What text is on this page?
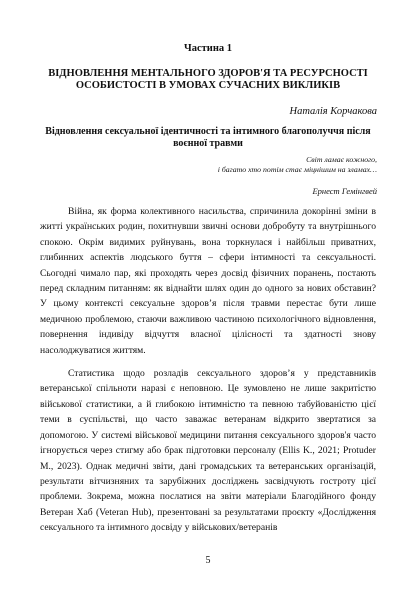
Частина 1
ВІДНОВЛЕННЯ МЕНТАЛЬНОГО ЗДОРОВ'Я ТА РЕСУРСНОСТІ ОСОБИСТОСТІ В УМОВАХ СУЧАСНИХ ВИКЛИКІВ
Наталія Корчакова
Відновлення сексуальної ідентичності та інтимного благополуччя після воєнної травми
Світ ламає кожного,
і багато хто потім стає міцнішим на зламах…
Ернест Гемінгвей

Війна, як форма колективного насильства, спричинила докорінні зміни в житті українських родин, похитнувши звичні основи добробуту та внутрішнього спокою. Окрім видимих руйнувань, вона торкнулася і найбільш приватних, глибинних аспектів людського буття – сфери інтимності та сексуальності. Сьогодні чимало пар, які проходять через досвід фізичних поранень, постають перед складним питанням: як віднайти шлях один до одного за нових обставин? У цьому контексті сексуальне здоров’я після травми перестає бути лише медичною проблемою, стаючи важливою частиною психологічного відновлення, повернення індивіду відчуття власної цілісності та здатності знову насолоджуватися життям.

Статистика щодо розладів сексуального здоров’я у представників ветеранської спільноти наразі є неповною. Це зумовлено не лише закритістю військової статистики, а й глибокою інтимністю та певною табуйованістю цієї теми в суспільстві, що часто заважає ветеранам відкрито звертатися за допомогою. У системі військової медицини питання сексуального здоров'я часто ігнорується через стигму або брак підготовки персоналу (Ellis K., 2021; Protuder M., 2023). Однак медичні звіти, дані громадських та ветеранських організацій, результати вітчизняних та зарубіжних досліджень засвідчують гостроту цієї проблеми. Зокрема, можна послатися на звіти матеріали Благодійного фонду Ветеран Хаб (Veteran Hub), презентовані за результатами проєкту «Дослідження сексуального та інтимного досвіду у військових/ветеранів

5
